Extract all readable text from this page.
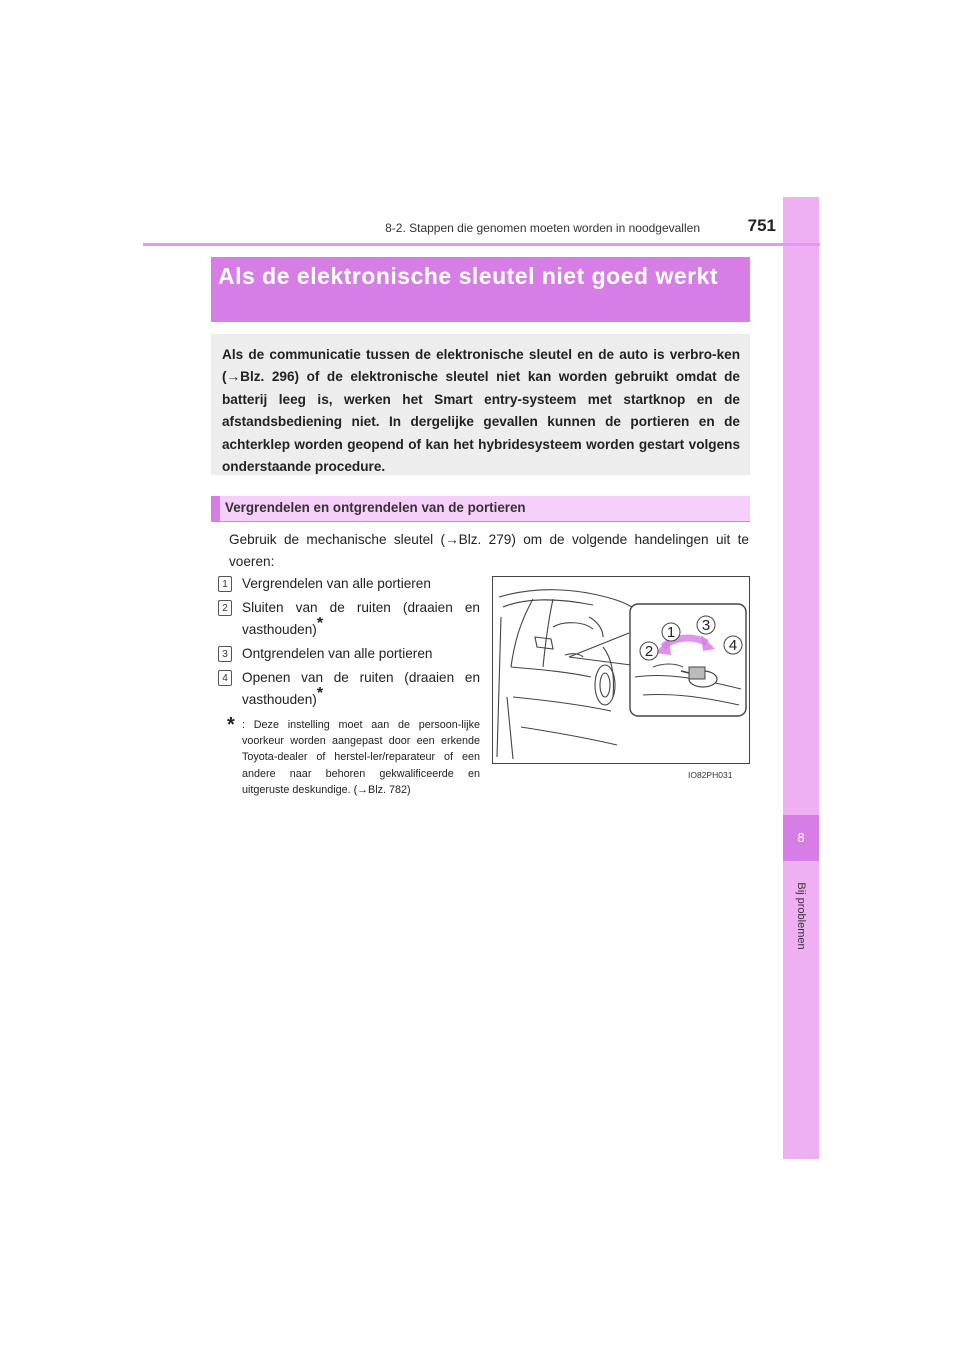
8
Bij problemen
8-2. Stappen die genomen moeten worden in noodgevallen	751
Als de elektronische sleutel niet goed werkt
Als de communicatie tussen de elektronische sleutel en de auto is verbro-ken (→Blz. 296) of de elektronische sleutel niet kan worden gebruikt omdat de batterij leeg is, werken het Smart entry-systeem met startknop en de afstandsbediening niet. In dergelijke gevallen kunnen de portieren en de achterklep worden geopend of kan het hybridesysteem worden gestart volgens onderstaande procedure.
Vergrendelen en ontgrendelen van de portieren
Gebruik de mechanische sleutel (→Blz. 279) om de volgende handelingen uit te voeren:
1	Vergrendelen van alle portieren
2	Sluiten van de ruiten (draaien en vasthouden)*
3	Ontgrendelen van alle portieren
4	Openen van de ruiten (draaien en vasthouden)*
* : Deze instelling moet aan de persoon-lijke voorkeur worden aangepast door een erkende Toyota-dealer of herstel-ler/reparateur of een andere naar behoren gekwalificeerde en uitgeruste deskundige. (→Blz. 782)
1
2
3
4
IO82PH031
